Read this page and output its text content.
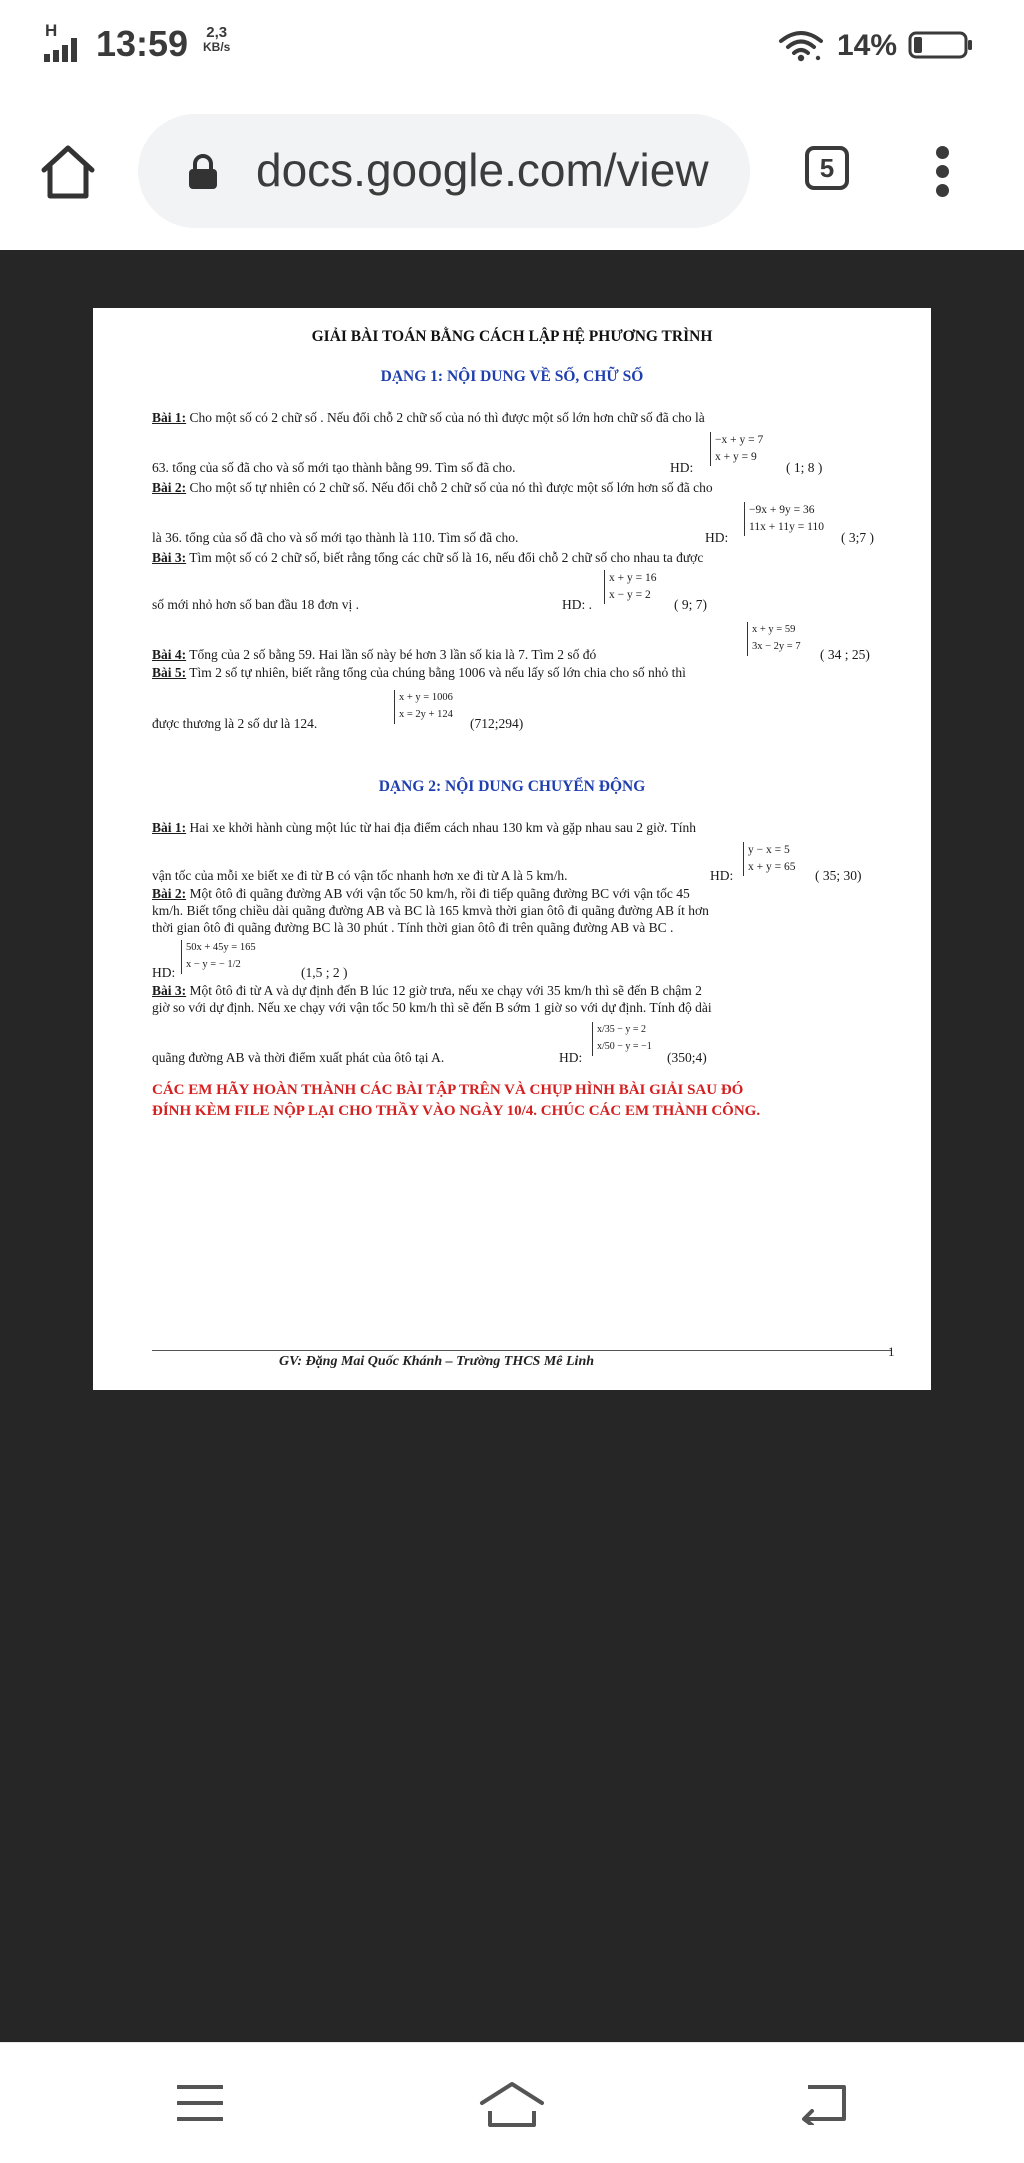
H 13:59 2,3
KB/s	14%
docs.google.com/view	5
GIẢI BÀI TOÁN BẰNG CÁCH LẬP HỆ PHƯƠNG TRÌNH
DẠNG 1: NỘI DUNG VỀ SỐ, CHỮ SỐ
Bài 1: Cho một số có 2 chữ số . Nếu đổi chỗ 2 chữ số của nó thì được một số lớn hơn chữ số đã cho là
63. tổng của số đã cho và số mới tạo thành bằng 99. Tìm số đã cho.	HD:
−x + y = 7
x + y = 9
( 1; 8 )
Bài 2: Cho một số tự nhiên có 2 chữ số. Nếu đổi chỗ 2 chữ số của nó thì được một số lớn hơn số đã cho
là 36. tổng của số đã cho và số mới tạo thành là 110. Tìm số đã cho.	HD:
−9x + 9y = 36
11x + 11y = 110
( 3;7 )
Bài 3: Tìm một số có 2 chữ số, biết rằng tổng các chữ số là 16, nếu đổi chỗ 2 chữ số cho nhau ta được
số mới nhỏ hơn số ban đầu 18 đơn vị .	HD: .
x + y = 16
x − y = 2
( 9; 7)
Bài 4: Tổng của 2 số bằng 59. Hai lần số này bé hơn 3 lần số kia là 7. Tìm 2 số đó
x + y = 59
3x − 2y = 7
( 34 ; 25)
Bài 5: Tìm 2 số tự nhiên, biết rằng tổng của chúng bằng 1006 và nếu lấy số lớn chia cho số nhỏ thì
được thương là 2 số dư là 124.
x + y = 1006
x = 2y + 124
(712;294)
DẠNG 2: NỘI DUNG CHUYỂN ĐỘNG
Bài 1: Hai xe khởi hành cùng một lúc từ hai địa điểm cách nhau 130 km và gặp nhau sau 2 giờ. Tính
vận tốc của mỗi xe biết xe đi từ B có vận tốc nhanh hơn xe đi từ A là 5 km/h.	HD:
y − x = 5
x + y = 65
( 35; 30)
Bài 2: Một ôtô đi quãng đường AB với vận tốc 50 km/h, rồi đi tiếp quãng đường BC với vận tốc 45
km/h. Biết tổng chiều dài quãng đường AB và BC là 165 kmvà thời gian ôtô đi quãng đường AB ít hơn
thời gian ôtô đi quãng đường BC là 30 phút . Tính thời gian ôtô đi trên quãng đường AB và BC .
HD:
50x + 45y = 165
x − y = − 1/2
(1,5 ; 2 )
Bài 3: Một ôtô đi từ A và dự định đến B lúc 12 giờ trưa, nếu xe chạy với 35 km/h thì sẽ đến B chậm 2
giờ so với dự định. Nếu xe chạy với vận tốc 50 km/h thì sẽ đến B sớm 1 giờ so với dự định. Tính độ dài
quãng đường AB và thời điểm xuất phát của ôtô tại A.	HD:
x/35 − y = 2
x/50 − y = −1
(350;4)
CÁC EM HÃY HOÀN THÀNH CÁC BÀI TẬP TRÊN VÀ CHỤP HÌNH BÀI GIẢI SAU ĐÓ
ĐÍNH KÈM FILE NỘP LẠI CHO THẦY VÀO NGÀY 10/4. CHÚC CÁC EM THÀNH CÔNG.
GV: Đặng Mai Quốc Khánh – Trường THCS Mê Linh
1
